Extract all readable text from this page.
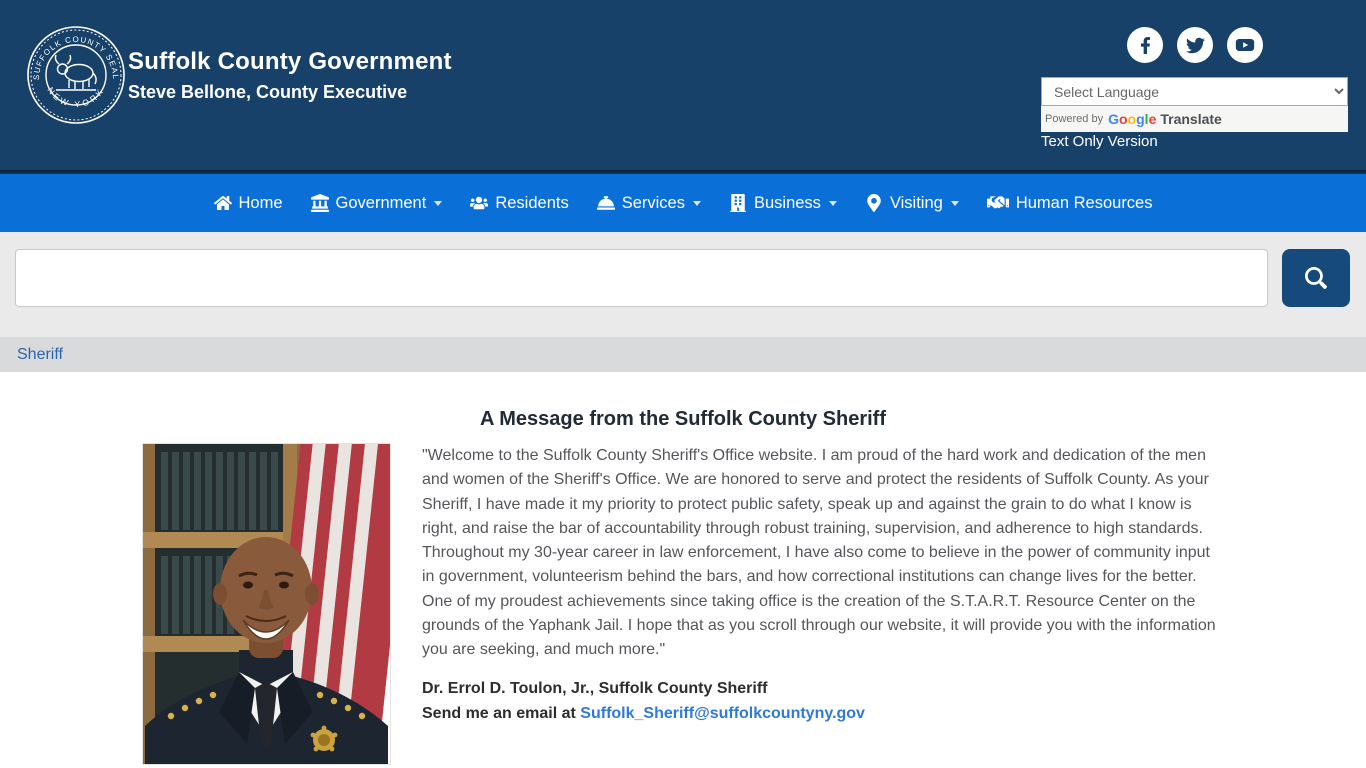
SUFFOLK COUNTY SEAL
NEW YORK
Suffolk County Government
Steve Bellone, County Executive
Select Language
Powered by Google Translate
Text Only Version
Home	Government	Residents	Services	Business	Visiting	Human Resources
Sheriff
A Message from the Suffolk County Sheriff

"Welcome to the Suffolk County Sheriff's Office website. I am proud of the hard work and dedication of the men and women of the Sheriff's Office. We are honored to serve and protect the residents of Suffolk County. As your Sheriff, I have made it my priority to protect public safety, speak up and against the grain to do what I know is right, and raise the bar of accountability through robust training, supervision, and adherence to high standards. Throughout my 30-year career in law enforcement, I have also come to believe in the power of community input in government, volunteerism behind the bars, and how correctional institutions can change lives for the better. One of my proudest achievements since taking office is the creation of the S.T.A.R.T. Resource Center on the grounds of the Yaphank Jail. I hope that as you scroll through our website, it will provide you with the information you are seeking, and much more."

Dr. Errol D. Toulon, Jr., Suffolk County Sheriff
Send me an email at Suffolk_Sheriff@suffolkcountyny.gov
